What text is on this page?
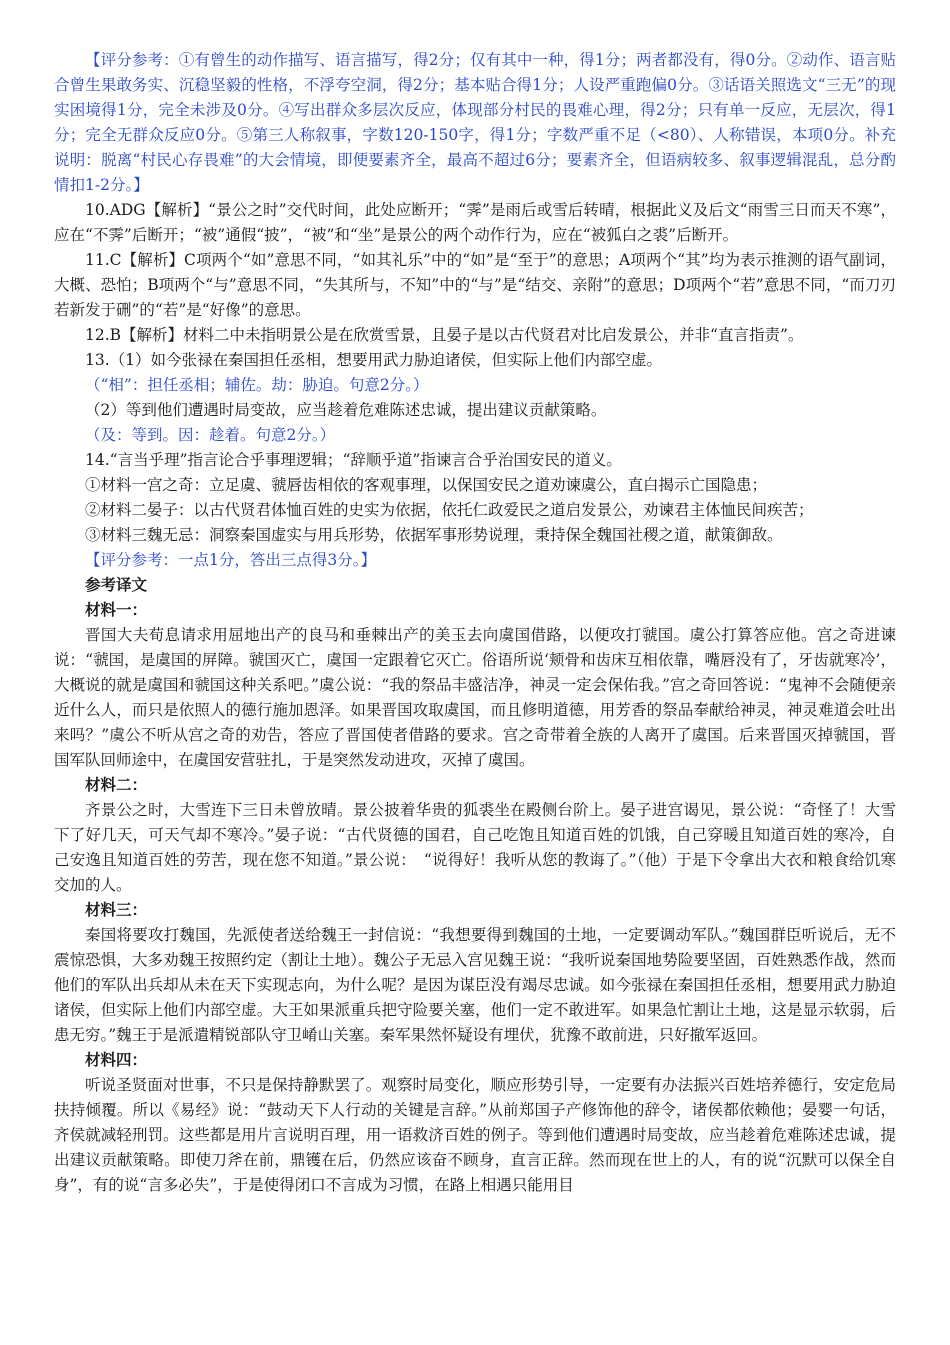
【评分参考：①有曾生的动作描写、语言描写，得2分；仅有其中一种，得1分；两者都没有，得0分。②动作、语言贴合曾生果敢务实、沉稳坚毅的性格，不浮夸空洞，得2分；基本贴合得1分；人设严重跑偏0分。③话语关照选文“三无”的现实困境得1分，完全未涉及0分。④写出群众多层次反应，体现部分村民的畏难心理，得2分；只有单一反应，无层次，得1分；完全无群众反应0分。⑤第三人称叙事，字数120-150字，得1分；字数严重不足（<80）、人称错误，本项0分。补充说明：脱离“村民心存畏难”的大会情境，即便要素齐全，最高不超过6分；要素齐全，但语病较多、叙事逻辑混乱，总分酌情扣1-2分。】

10.ADG【解析】“景公之时”交代时间，此处应断开；“霁”是雨后或雪后转晴，根据此义及后文“雨雪三日而天不寒”，应在“不霁”后断开；“被”通假“披”，“被”和“坐”是景公的两个动作行为，应在“被狐白之裘”后断开。

11.C【解析】C项两个“如”意思不同，“如其礼乐”中的“如”是“至于”的意思；A项两个“其”均为表示推测的语气副词，大概、恐怕；B项两个“与”意思不同，“失其所与，不知”中的“与”是“结交、亲附”的意思；D项两个“若”意思不同，“而刀刃若新发于硎”的“若”是“好像”的意思。

12.B【解析】材料二中未指明景公是在欣赏雪景，且晏子是以古代贤君对比启发景公，并非“直言指责”。

13.（1）如今张禄在秦国担任丞相，想要用武力胁迫诸侯，但实际上他们内部空虚。

（“相”：担任丞相；辅佐。劫：胁迫。句意2分。）

（2）等到他们遭遇时局变故，应当趁着危难陈述忠诚，提出建议贡献策略。

（及：等到。因：趁着。句意2分。）

14.“言当乎理”指言论合乎事理逻辑；“辞顺乎道”指谏言合乎治国安民的道义。

①材料一宫之奇：立足虞、虢唇齿相依的客观事理，以保国安民之道劝谏虞公，直白揭示亡国隐患；

②材料二晏子：以古代贤君体恤百姓的史实为依据，依托仁政爱民之道启发景公，劝谏君主体恤民间疾苦；

③材料三魏无忌：洞察秦国虚实与用兵形势，依据军事形势说理，秉持保全魏国社稷之道，献策御敌。

【评分参考：一点1分，答出三点得3分。】

参考译文

材料一：

晋国大夫荀息请求用屈地出产的良马和垂棘出产的美玉去向虞国借路，以便攻打虢国。虞公打算答应他。宫之奇进谏说：“虢国，是虞国的屏障。虢国灭亡，虞国一定跟着它灭亡。俗语所说‘颊骨和齿床互相依靠，嘴唇没有了，牙齿就寒冷’，大概说的就是虞国和虢国这种关系吧。”虞公说：“我的祭品丰盛洁净，神灵一定会保佑我。”宫之奇回答说：“鬼神不会随便亲近什么人，而只是依照人的德行施加恩泽。如果晋国攻取虞国，而且修明道德，用芳香的祭品奉献给神灵，神灵难道会吐出来吗？”虞公不听从宫之奇的劝告，答应了晋国使者借路的要求。宫之奇带着全族的人离开了虞国。后来晋国灭掉虢国，晋国军队回师途中，在虞国安营驻扎，于是突然发动进攻，灭掉了虞国。

材料二：

齐景公之时，大雪连下三日未曾放晴。景公披着华贵的狐裘坐在殿侧台阶上。晏子进宫谒见，景公说：“奇怪了！大雪下了好几天，可天气却不寒冷。”晏子说：“古代贤德的国君，自己吃饱且知道百姓的饥饿，自己穿暖且知道百姓的寒冷，自己安逸且知道百姓的劳苦，现在您不知道。”景公说：　“说得好！我听从您的教诲了。”（他）于是下令拿出大衣和粮食给饥寒交加的人。

材料三：

秦国将要攻打魏国，先派使者送给魏王一封信说：“我想要得到魏国的土地，一定要调动军队。”魏国群臣听说后，无不震惊恐惧，大多劝魏王按照约定（割让土地）。魏公子无忌入宫见魏王说：“我听说秦国地势险要坚固，百姓熟悉作战，然而他们的军队出兵却从未在天下实现志向，为什么呢？是因为谋臣没有竭尽忠诚。如今张禄在秦国担任丞相，想要用武力胁迫诸侯，但实际上他们内部空虚。大王如果派重兵把守险要关塞，他们一定不敢进军。如果急忙割让土地，这是显示软弱，后患无穷。”魏王于是派遣精锐部队守卫崤山关塞。秦军果然怀疑设有埋伏，犹豫不敢前进，只好撤军返回。

材料四：

听说圣贤面对世事，不只是保持静默罢了。观察时局变化，顺应形势引导，一定要有办法振兴百姓培养德行，安定危局扶持倾覆。所以《易经》说：“鼓动天下人行动的关键是言辞。”从前郑国子产修饰他的辞令，诸侯都依赖他；晏婴一句话，齐侯就减轻刑罚。这些都是用片言说明百理，用一语救济百姓的例子。等到他们遭遇时局变故，应当趁着危难陈述忠诚，提出建议贡献策略。即使刀斧在前，鼎镬在后，仍然应该奋不顾身，直言正辞。然而现在世上的人，有的说“沉默可以保全自身”，有的说“言多必失”，于是使得闭口不言成为习惯，在路上相遇只能用目
